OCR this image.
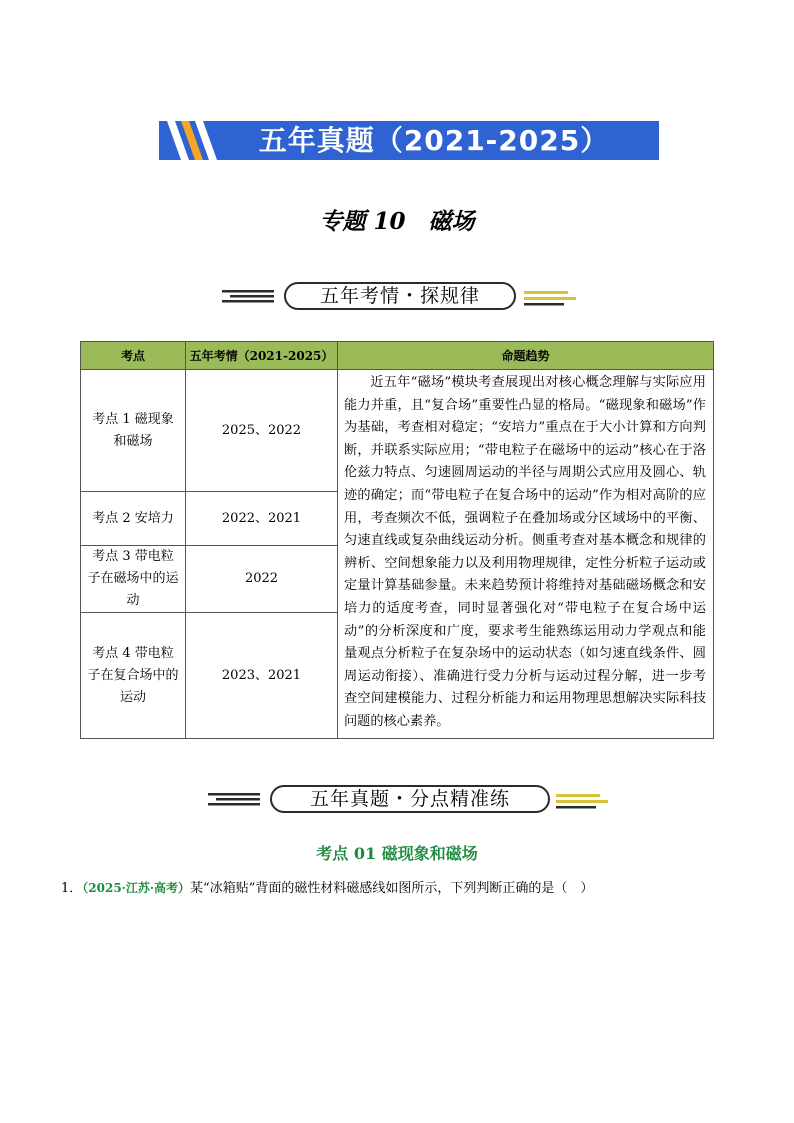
五年真题（2021-2025）
专题 10　磁场
五年考情・探规律
考点	五年考情（2021-2025）	命题趋势
考点 1 磁现象和磁场	2025、2022	近五年“磁场”模块考查展现出对核心概念理解与实际应用能力并重，且“复合场”重要性凸显的格局。“磁现象和磁场”作为基础，考查相对稳定；“安培力”重点在于大小计算和方向判断，并联系实际应用；“带电粒子在磁场中的运动”核心在于洛伦兹力特点、匀速圆周运动的半径与周期公式应用及圆心、轨迹的确定；而“带电粒子在复合场中的运动”作为相对高阶的应用，考查频次不低，强调粒子在叠加场或分区域场中的平衡、匀速直线或复杂曲线运动分析。侧重考查对基本概念和规律的辨析、空间想象能力以及利用物理规律，定性分析粒子运动或定量计算基础参量。未来趋势预计将维持对基础磁场概念和安培力的适度考查，同时显著强化对“带电粒子在复合场中运动”的分析深度和广度，要求考生能熟练运用动力学观点和能量观点分析粒子在复杂场中的运动状态（如匀速直线条件、圆周运动衔接）、准确进行受力分析与运动过程分解，进一步考查空间建模能力、过程分析能力和运用物理思想解决实际科技问题的核心素养。
考点 2 安培力	2022、2021	
考点 3 带电粒子在磁场中的运动	2022	
考点 4 带电粒子在复合场中的运动	2023、2021	
五年真题・分点精准练
考点 01 磁现象和磁场
1．（2025·江苏·高考）某“冰箱贴”背面的磁性材料磁感线如图所示，下列判断正确的是（　）
